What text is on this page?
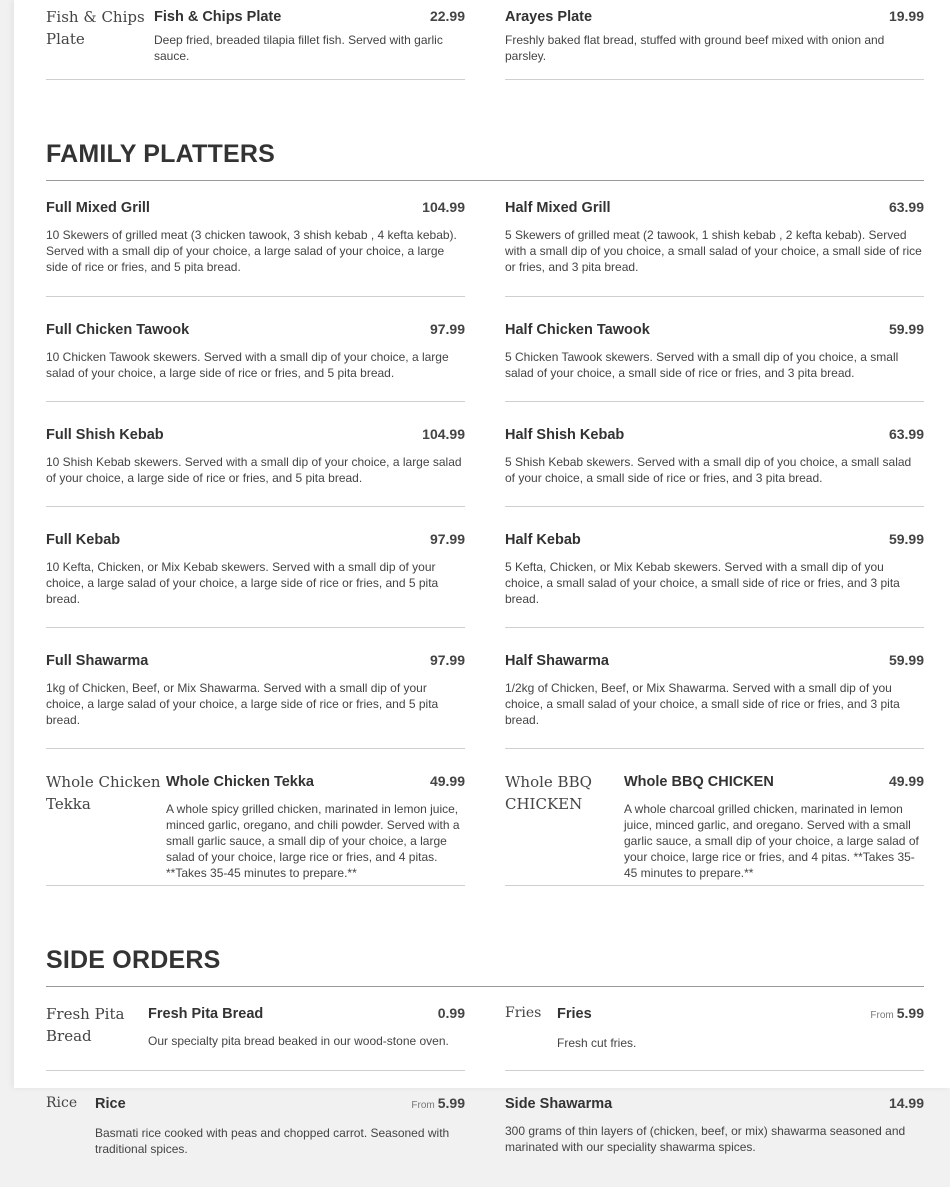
Fish & Chips Plate
Fish & Chips Plate	22.99
Deep fried, breaded tilapia fillet fish. Served with garlic sauce.
Arayes Plate	19.99
Freshly baked flat bread, stuffed with ground beef mixed with onion and parsley.
FAMILY PLATTERS
Full Mixed Grill	104.99
10 Skewers of grilled meat (3 chicken tawook, 3 shish kebab , 4 kefta kebab). Served with a small dip of your choice, a large salad of your choice, a large side of rice or fries, and 5 pita bread.
Half Mixed Grill	63.99
5 Skewers of grilled meat (2 tawook, 1 shish kebab , 2 kefta kebab). Served with a small dip of you choice, a small salad of your choice, a small side of rice or fries, and 3 pita bread.
Full Chicken Tawook	97.99
10 Chicken Tawook skewers. Served with a small dip of your choice, a large salad of your choice, a large side of rice or fries, and 5 pita bread.
Half Chicken Tawook	59.99
5 Chicken Tawook skewers. Served with a small dip of you choice, a small salad of your choice, a small side of rice or fries, and 3 pita bread.
Full Shish Kebab	104.99
10 Shish Kebab skewers. Served with a small dip of your choice, a large salad of your choice, a large side of rice or fries, and 5 pita bread.
Half Shish Kebab	63.99
5 Shish Kebab skewers. Served with a small dip of you choice, a small salad of your choice, a small side of rice or fries, and 3 pita bread.
Full Kebab	97.99
10 Kefta, Chicken, or Mix Kebab skewers. Served with a small dip of your choice, a large salad of your choice, a large side of rice or fries, and 5 pita bread.
Half Kebab	59.99
5 Kefta, Chicken, or Mix Kebab skewers. Served with a small dip of you choice, a small salad of your choice, a small side of rice or fries, and 3 pita bread.
Full Shawarma	97.99
1kg of Chicken, Beef, or Mix Shawarma. Served with a small dip of your choice, a large salad of your choice, a large side of rice or fries, and 5 pita bread.
Half Shawarma	59.99
1/2kg of Chicken, Beef, or Mix Shawarma. Served with a small dip of you choice, a small salad of your choice, a small side of rice or fries, and 3 pita bread.
Whole Chicken Tekka
Whole Chicken Tekka	49.99
A whole spicy grilled chicken, marinated in lemon juice, minced garlic, oregano, and chili powder. Served with a small garlic sauce, a small dip of your choice, a large salad of your choice, large rice or fries, and 4 pitas. **Takes 35-45 minutes to prepare.**
Whole BBQ CHICKEN
Whole BBQ CHICKEN	49.99
A whole charcoal grilled chicken, marinated in lemon juice, minced garlic, and oregano. Served with a small garlic sauce, a small dip of your choice, a large salad of your choice, large rice or fries, and 4 pitas. **Takes 35-45 minutes to prepare.**
SIDE ORDERS
Fresh Pita Bread
Fresh Pita Bread	0.99
Our specialty pita bread beaked in our wood-stone oven.
Fries	Fries	From 5.99
Fresh cut fries.
Rice	Rice	From 5.99
Basmati rice cooked with peas and chopped carrot. Seasoned with traditional spices.
Side Shawarma	14.99
300 grams of thin layers of (chicken, beef, or mix) shawarma seasoned and marinated with our speciality shawarma spices.
